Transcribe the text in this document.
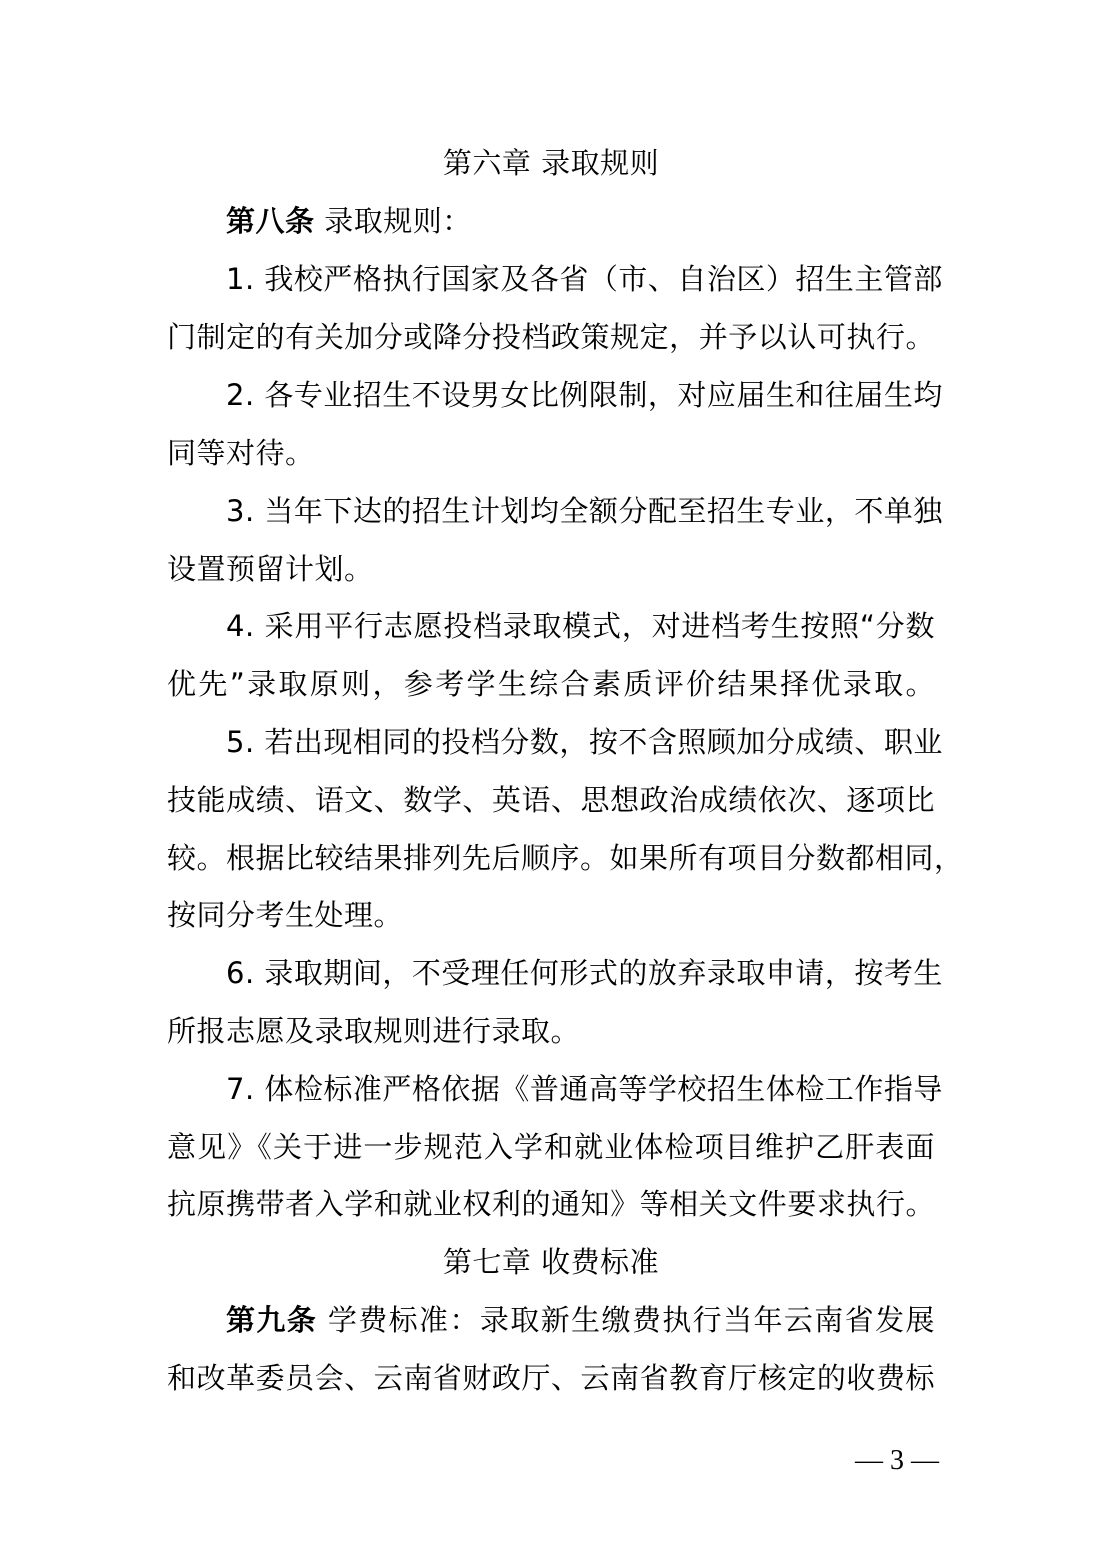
第六章 录取规则
第八条 录取规则：
1. 我校严格执行国家及各省（市、自治区）招生主管部
门制定的有关加分或降分投档政策规定，并予以认可执行。
2. 各专业招生不设男女比例限制，对应届生和往届生均
同等对待。
3. 当年下达的招生计划均全额分配至招生专业，不单独
设置预留计划。
4. 采用平行志愿投档录取模式，对进档考生按照“分数
优先”录取原则，参考学生综合素质评价结果择优录取。
5. 若出现相同的投档分数，按不含照顾加分成绩、职业
技能成绩、语文、数学、英语、思想政治成绩依次、逐项比
较。根据比较结果排列先后顺序。如果所有项目分数都相同，
按同分考生处理。
6. 录取期间，不受理任何形式的放弃录取申请，按考生
所报志愿及录取规则进行录取。
7. 体检标准严格依据《普通高等学校招生体检工作指导
意见》《关于进一步规范入学和就业体检项目维护乙肝表面
抗原携带者入学和就业权利的通知》等相关文件要求执行。
第七章 收费标准
第九条 学费标准：录取新生缴费执行当年云南省发展
和改革委员会、云南省财政厅、云南省教育厅核定的收费标
— 3 —
